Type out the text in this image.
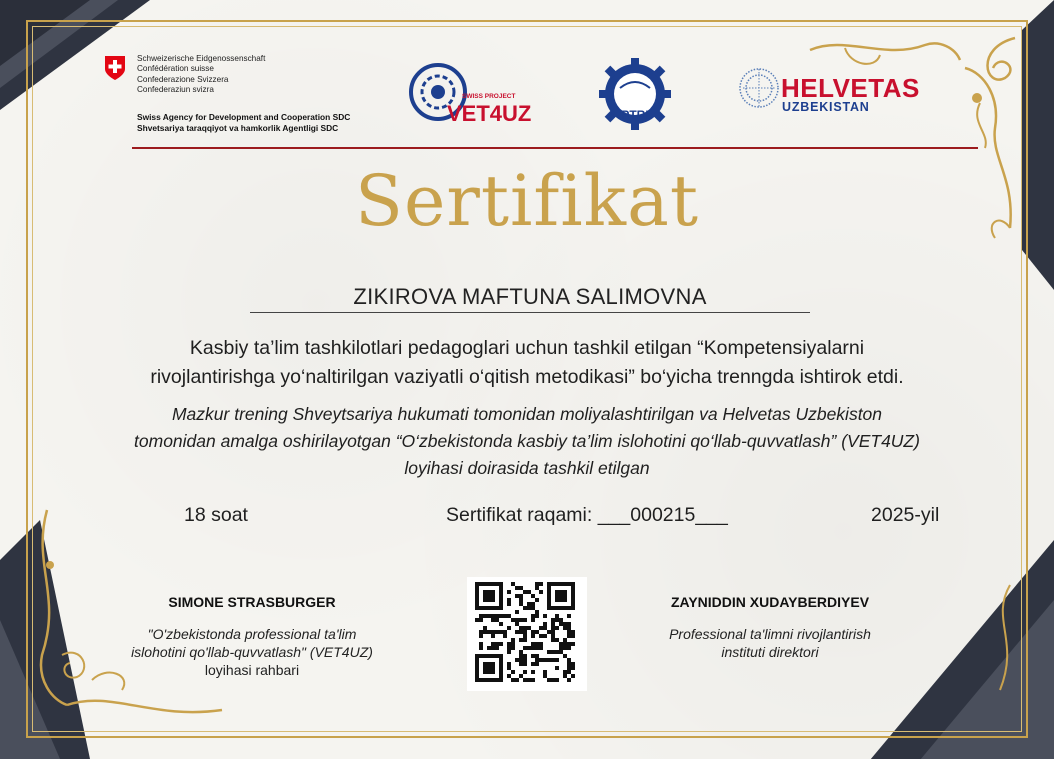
Schweizerische Eidgenossenschaft
Confédération suisse
Confederazione Svizzera
Confederaziun svizra
Swiss Agency for Development and Cooperation SDC
Shvetsariya taraqqiyot va hamkorlik Agentligi SDC
SWISS PROJECT
VET4UZ	PTRI
HELVETAS
UZBEKISTAN
Sertifikat
ZIKIROVA MAFTUNA SALIMOVNA
Kasbiy ta’lim tashkilotlari pedagoglari uchun tashkil etilgan “Kompetensiyalarni
rivojlantirishga yo‘naltirilgan vaziyatli o‘qitish metodikasi” bo‘yicha trenngda ishtirok etdi.
Mazkur trening Shveytsariya hukumati tomonidan moliyalashtirilgan va Helvetas Uzbekiston
tomonidan amalga oshirilayotgan “O‘zbekistonda kasbiy ta’lim islohotini qo‘llab-quvvatlash” (VET4UZ)
loyihasi doirasida tashkil etilgan
18 soat	Sertifikat raqami: ___000215___	2025-yil
SIMONE STRASBURGER
"O'zbekistonda professional ta'lim
islohotini qo'llab-quvvatlash" (VET4UZ)
loyihasi rahbari
ZAYNIDDIN XUDAYBERDIYEV
Professional ta'limni rivojlantirish
instituti direktori
